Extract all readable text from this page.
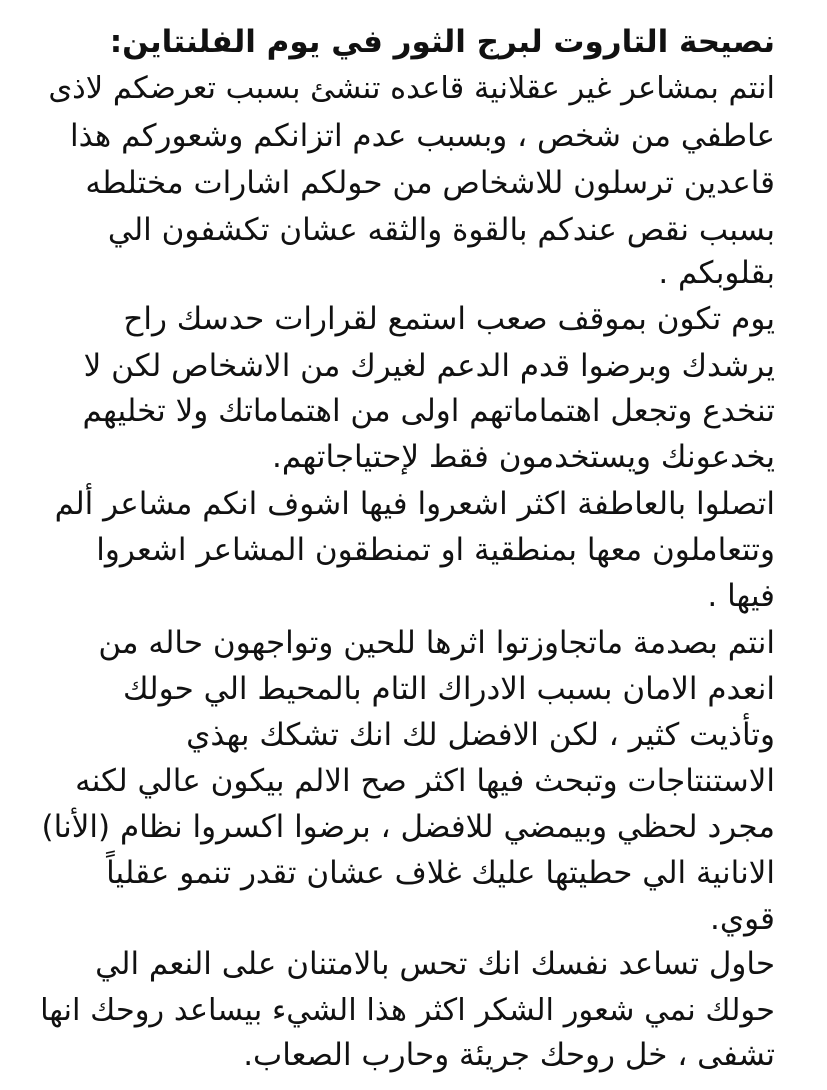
نصيحة التاروت لبرج الثور في يوم الفلنتاين:
انتم بمشاعر غير عقلانية قاعده تنشئ بسبب تعرضكم لاذى
عاطفي من شخص ، وبسبب عدم اتزانكم وشعوركم هذا
قاعدين ترسلون للاشخاص من حولكم اشارات مختلطه
بسبب نقص عندكم بالقوة والثقه عشان تكشفون الي
بقلوبكم .
يوم تكون بموقف صعب استمع لقرارات حدسك راح
يرشدك وبرضوا قدم الدعم لغيرك من الاشخاص لكن لا
تنخدع وتجعل اهتماماتهم اولى من اهتماماتك ولا تخليهم
يخدعونك ويستخدمون فقط لإحتياجاتهم.
اتصلوا بالعاطفة اكثر اشعروا فيها اشوف انكم مشاعر ألم
وتتعاملون معها بمنطقية او تمنطقون المشاعر اشعروا
فيها .
انتم بصدمة ماتجاوزتوا اثرها للحين وتواجهون حاله من
انعدم الامان بسبب الادراك التام بالمحيط الي حولك
وتأذيت كثير ، لكن الافضل لك انك تشكك بهذي
الاستنتاجات وتبحث فيها اكثر صح الالم بيكون عالي لكنه
مجرد لحظي وبيمضي للافضل ، برضوا اكسروا نظام (الأنا)
الانانية الي حطيتها عليك غلاف عشان تقدر تنمو عقلياً
قوي.
حاول تساعد نفسك انك تحس بالامتنان على النعم الي
حولك نمي شعور الشكر اكثر هذا الشيء بيساعد روحك انها
تشفى ، خل روحك جريئة وحارب الصعاب.
